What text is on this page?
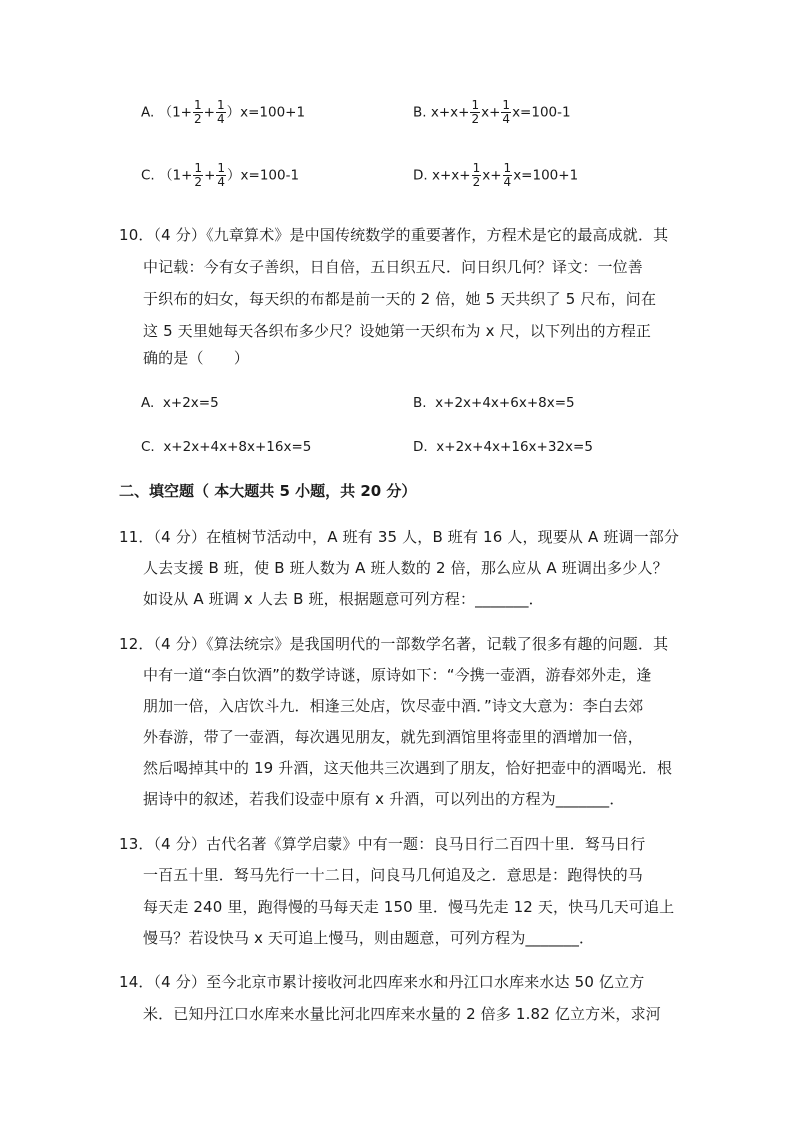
A. $(1+ \frac{1}{2} + \frac{1}{4} )x=100+1$	B. $x+x+ \frac{1}{2} x+ \frac{1}{4} x=100-1$
C. $(1+ \frac{1}{2} + \frac{1}{4} )x=100-1$	D. $x+x+ \frac{1}{2} x+ \frac{1}{4} x=100+1$
10．（4 分）《九章算术》是中国传统数学的重要著作，方程术是它的最高成就．其
中记载：今有女子善织，日自倍，五日织五尺．问日织几何？译文：一位善
于织布的妇女，每天织的布都是前一天的 2 倍，她 5 天共织了 5 尺布，问在
这 5 天里她每天各织布多少尺？设她第一天织布为 x 尺，以下列出的方程正
确的是（　　）
A. x+2x=5	B. x+2x+4x+6x+8x=5
C. x+2x+4x+8x+16x=5	D. x+2x+4x+16x+32x=5
二、填空题（ 本大题共 5 小题，共 20 分）
11．（4 分）在植树节活动中，A 班有 35 人，B 班有 16 人，现要从 A 班调一部分
人去支援 B 班，使 B 班人数为 A 班人数的 2 倍，那么应从 A 班调出多少人？
如设从 A 班调 x 人去 B 班，根据题意可列方程：_______．
12．（4 分）《算法统宗》是我国明代的一部数学名著，记载了很多有趣的问题．其
中有一道“李白饮酒”的数学诗谜，原诗如下：“今携一壶酒，游春郊外走，逢
朋加一倍，入店饮斗九．相逢三处店，饮尽壶中酒．”诗文大意为：李白去郊
外春游，带了一壶酒，每次遇见朋友，就先到酒馆里将壶里的酒增加一倍，
然后喝掉其中的 19 升酒，这天他共三次遇到了朋友，恰好把壶中的酒喝光．根
据诗中的叙述，若我们设壶中原有 x 升酒，可以列出的方程为_______．
13．（4 分）古代名著《算学启蒙》中有一题：良马日行二百四十里．驽马日行
一百五十里．驽马先行一十二日，问良马几何追及之．意思是：跑得快的马
每天走 240 里，跑得慢的马每天走 150 里．慢马先走 12 天，快马几天可追上
慢马？若设快马 x 天可追上慢马，则由题意，可列方程为_______．
14．（4 分）至今北京市累计接收河北四库来水和丹江口水库来水达 50 亿立方
米．已知丹江口水库来水量比河北四库来水量的 2 倍多 1.82 亿立方米，求河
